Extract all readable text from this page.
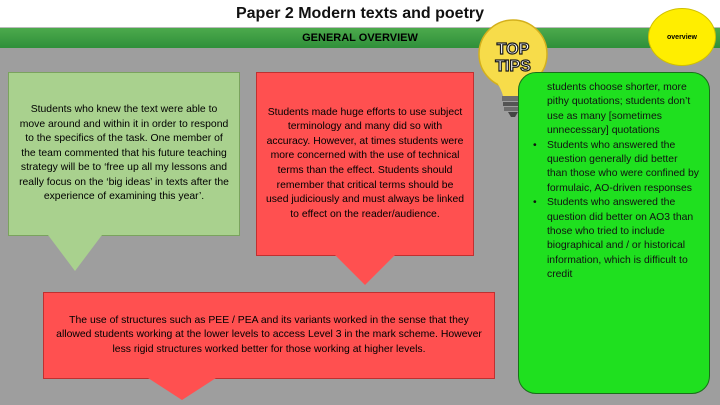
Paper 2 Modern texts and poetry
GENERAL OVERVIEW	overview
TOP
TIPS

Students who knew the text were able to move around and within it in order to respond to the specifics of the task. One member of the team commented that his future teaching strategy will be to ‘free up all my lessons and really focus on the ‘big ideas’ in texts after the experience of examining this year’.

Students made huge efforts to use subject terminology and many did so with accuracy. However, at times students were more concerned with the use of technical terms than the effect. Students should remember that critical terms should be used judiciously and must always be linked to effect on the reader/audience.

The use of structures such as PEE / PEA and its variants worked in the sense that they allowed students working at the lower levels to access Level 3 in the mark scheme. However less rigid structures worked better for those working at higher levels.

students choose shorter, more pithy quotations; students don’t use as many [sometimes unnecessary] quotations
• Students who answered the question generally did better than those who were confined by formulaic, AO-driven responses
• Students who answered the question did better on AO3 than those who tried to include biographical and / or historical information, which is difficult to credit
